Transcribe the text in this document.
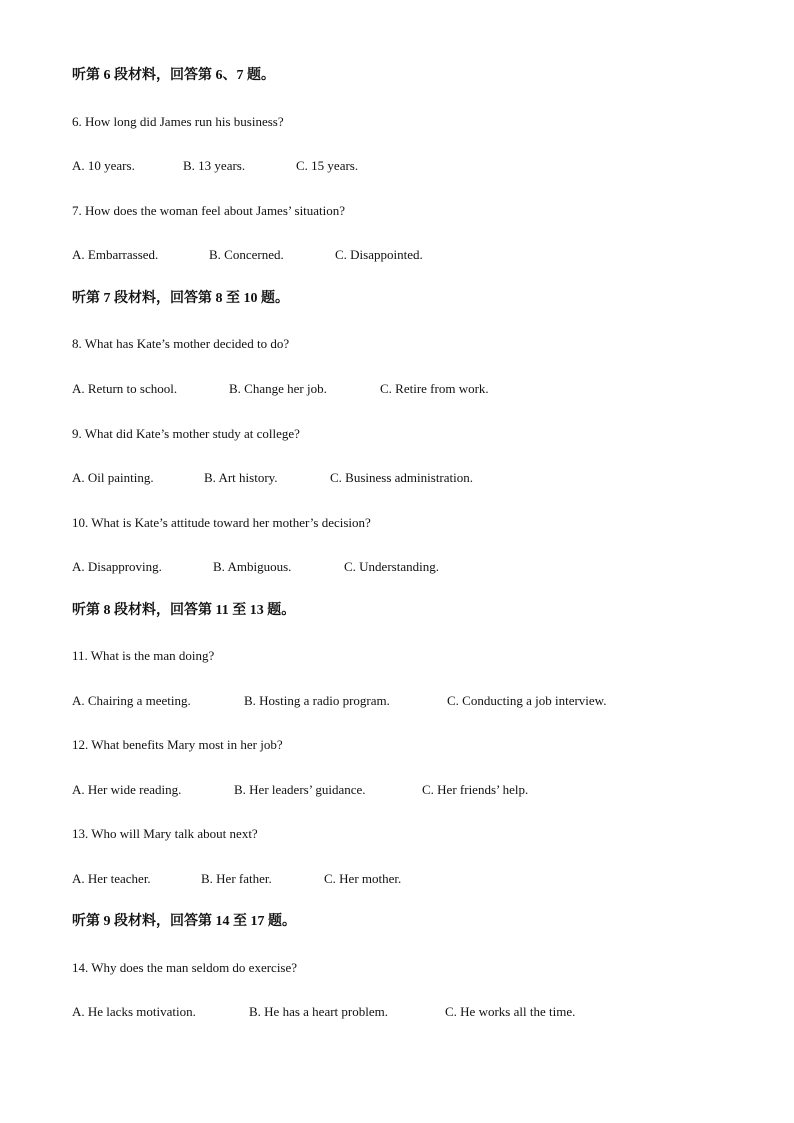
听第 6 段材料，回答第 6、7 题。
6. How long did James run his business?
A. 10 years.	B. 13 years.	C. 15 years.
7. How does the woman feel about James’ situation?
A. Embarrassed.	B. Concerned.	C. Disappointed.
听第 7 段材料，回答第 8 至 10 题。
8. What has Kate’s mother decided to do?
A. Return to school.	B. Change her job.	C. Retire from work.
9. What did Kate’s mother study at college?
A. Oil painting.	B. Art history.	C. Business administration.
10. What is Kate’s attitude toward her mother’s decision?
A. Disapproving.	B. Ambiguous.	C. Understanding.
听第 8 段材料，回答第 11 至 13 题。
11. What is the man doing?
A. Chairing a meeting.	B. Hosting a radio program.	C. Conducting a job interview.
12. What benefits Mary most in her job?
A. Her wide reading.	B. Her leaders’ guidance.	C. Her friends’ help.
13. Who will Mary talk about next?
A. Her teacher.	B. Her father.	C. Her mother.
听第 9 段材料，回答第 14 至 17 题。
14. Why does the man seldom do exercise?
A. He lacks motivation.	B. He has a heart problem.	C. He works all the time.
